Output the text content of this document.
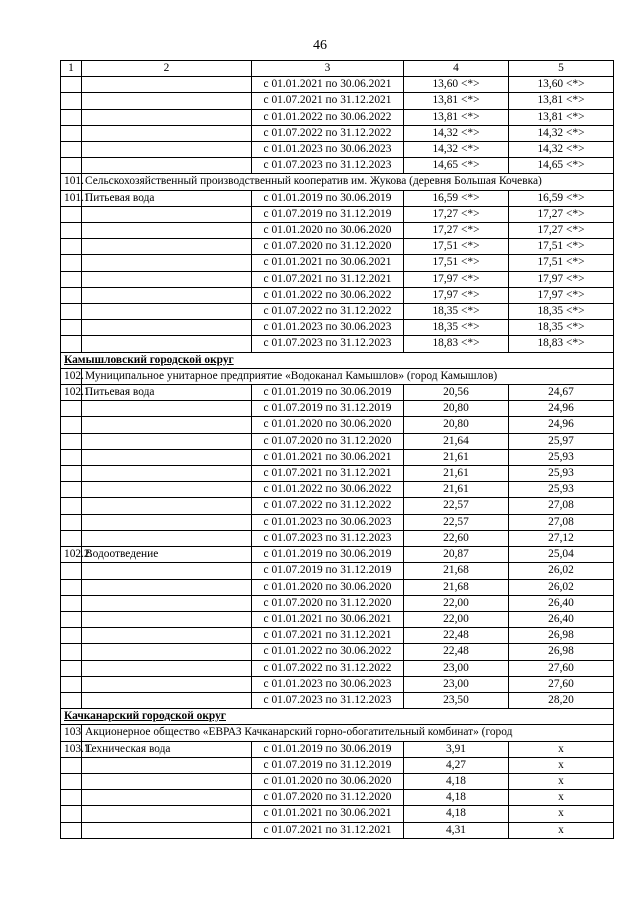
46
1	2	3	4	5
		с 01.01.2021 по 30.06.2021	13,60 <*>	13,60 <*>
		с 01.07.2021 по 31.12.2021	13,81 <*>	13,81 <*>
		с 01.01.2022 по 30.06.2022	13,81 <*>	13,81 <*>
		с 01.07.2022 по 31.12.2022	14,32 <*>	14,32 <*>
		с 01.01.2023 по 30.06.2023	14,32 <*>	14,32 <*>
		с 01.07.2023 по 31.12.2023	14,65 <*>	14,65 <*>
101.	Сельскохозяйственный производственный кооператив им. Жукова (деревня Большая Кочевка)			
101.1.	Питьевая вода	с 01.01.2019 по 30.06.2019	16,59 <*>	16,59 <*>
		с 01.07.2019 по 31.12.2019	17,27 <*>	17,27 <*>
		с 01.01.2020 по 30.06.2020	17,27 <*>	17,27 <*>
		с 01.07.2020 по 31.12.2020	17,51 <*>	17,51 <*>
		с 01.01.2021 по 30.06.2021	17,51 <*>	17,51 <*>
		с 01.07.2021 по 31.12.2021	17,97 <*>	17,97 <*>
		с 01.01.2022 по 30.06.2022	17,97 <*>	17,97 <*>
		с 01.07.2022 по 31.12.2022	18,35 <*>	18,35 <*>
		с 01.01.2023 по 30.06.2023	18,35 <*>	18,35 <*>
		с 01.07.2023 по 31.12.2023	18,83 <*>	18,83 <*>
Камышловский городской округ				
102.	Муниципальное унитарное предприятие «Водоканал Камышлов» (город Камышлов)			
102.1.	Питьевая вода	с 01.01.2019 по 30.06.2019	20,56	24,67
		с 01.07.2019 по 31.12.2019	20,80	24,96
		с 01.01.2020 по 30.06.2020	20,80	24,96
		с 01.07.2020 по 31.12.2020	21,64	25,97
		с 01.01.2021 по 30.06.2021	21,61	25,93
		с 01.07.2021 по 31.12.2021	21,61	25,93
		с 01.01.2022 по 30.06.2022	21,61	25,93
		с 01.07.2022 по 31.12.2022	22,57	27,08
		с 01.01.2023 по 30.06.2023	22,57	27,08
		с 01.07.2023 по 31.12.2023	22,60	27,12
102.2.	Водоотведение	с 01.01.2019 по 30.06.2019	20,87	25,04
		с 01.07.2019 по 31.12.2019	21,68	26,02
		с 01.01.2020 по 30.06.2020	21,68	26,02
		с 01.07.2020 по 31.12.2020	22,00	26,40
		с 01.01.2021 по 30.06.2021	22,00	26,40
		с 01.07.2021 по 31.12.2021	22,48	26,98
		с 01.01.2022 по 30.06.2022	22,48	26,98
		с 01.07.2022 по 31.12.2022	23,00	27,60
		с 01.01.2023 по 30.06.2023	23,00	27,60
		с 01.07.2023 по 31.12.2023	23,50	28,20
Качканарский городской округ				
103	Акционерное общество «ЕВРАЗ Качканарский горно-обогатительный комбинат» (город			
103.1.	Техническая вода	с 01.01.2019 по 30.06.2019	3,91	х
		с 01.07.2019 по 31.12.2019	4,27	х
		с 01.01.2020 по 30.06.2020	4,18	х
		с 01.07.2020 по 31.12.2020	4,18	х
		с 01.01.2021 по 30.06.2021	4,18	х
		с 01.07.2021 по 31.12.2021	4,31	х
